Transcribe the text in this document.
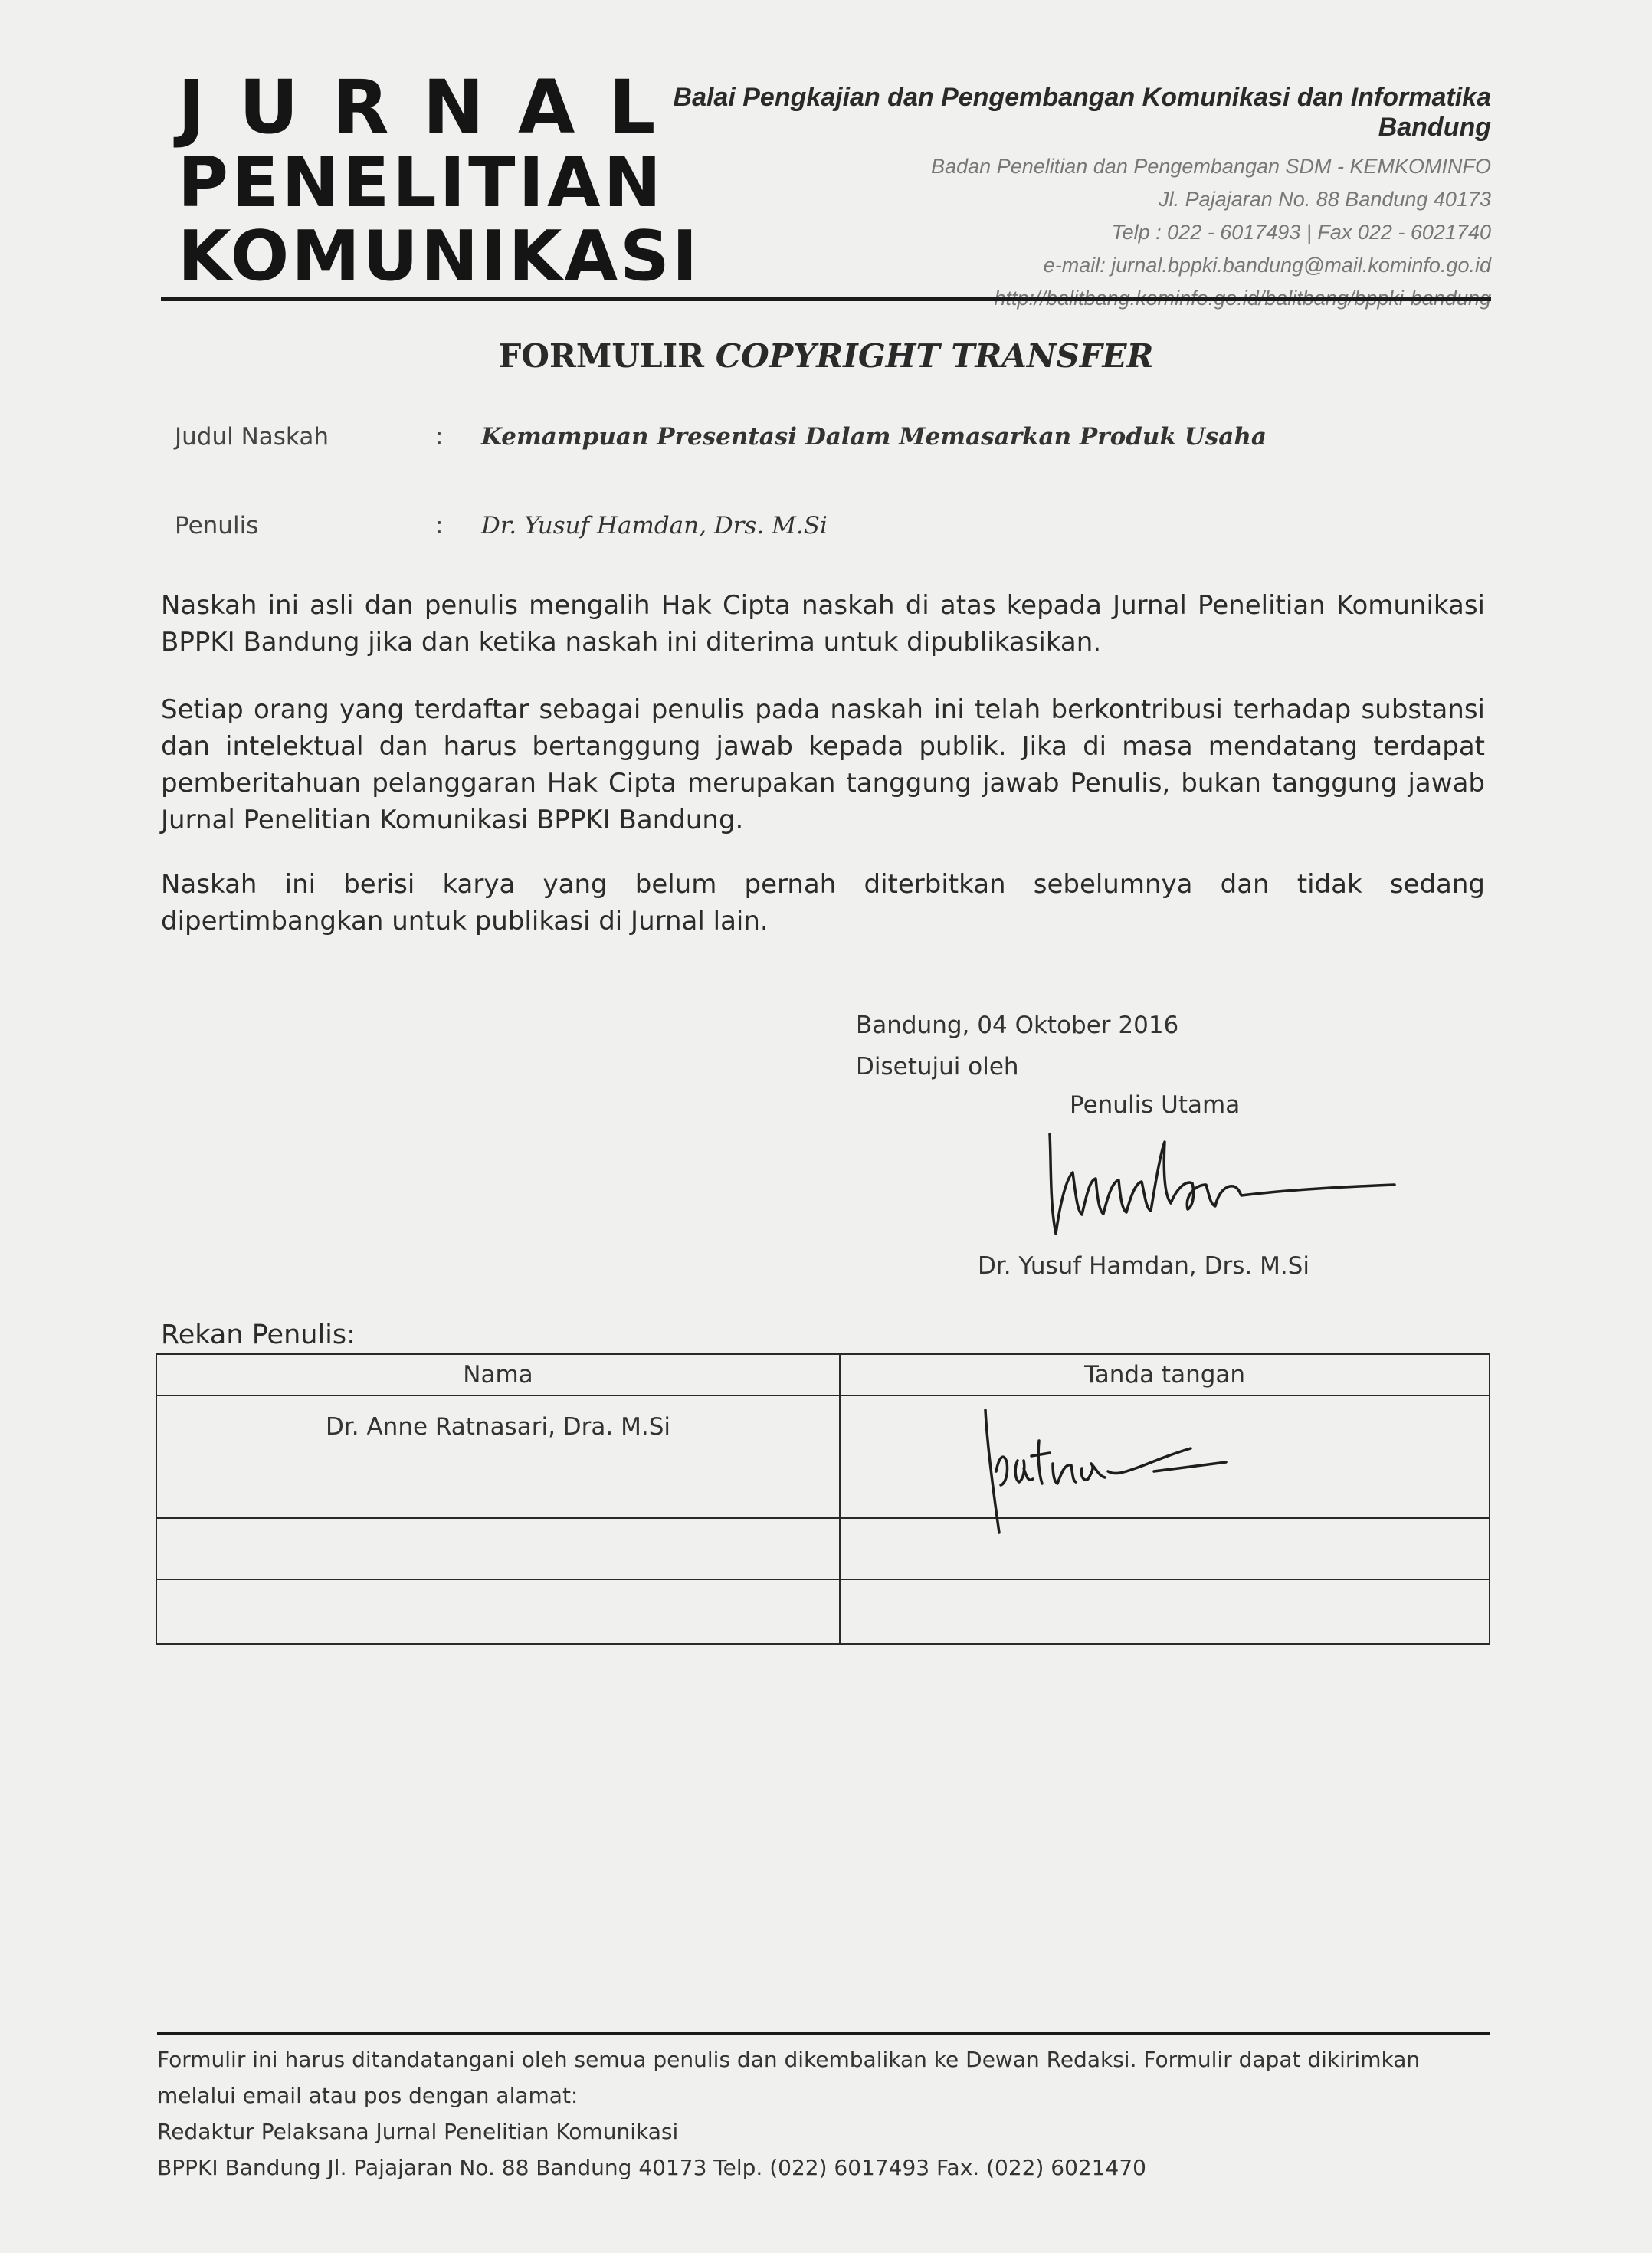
JURNAL
PENELITIAN
KOMUNIKASI
Balai Pengkajian dan Pengembangan Komunikasi dan Informatika Bandung
Badan Penelitian dan Pengembangan SDM - KEMKOMINFO
Jl. Pajajaran No. 88 Bandung 40173
Telp : 022 - 6017493 | Fax 022 - 6021740
e-mail: jurnal.bppki.bandung@mail.kominfo.go.id
http://balitbang.kominfo.go.id/balitbang/bppki-bandung
FORMULIR COPYRIGHT TRANSFER
Judul Naskah	: Kemampuan Presentasi Dalam Memasarkan Produk Usaha
Penulis	: Dr. Yusuf Hamdan, Drs. M.Si
Naskah ini asli dan penulis mengalih Hak Cipta naskah di atas kepada Jurnal Penelitian Komunikasi BPPKI Bandung jika dan ketika naskah ini diterima untuk dipublikasikan.
Setiap orang yang terdaftar sebagai penulis pada naskah ini telah berkontribusi terhadap substansi dan intelektual dan harus bertanggung jawab kepada publik. Jika di masa mendatang terdapat pemberitahuan pelanggaran Hak Cipta merupakan tanggung jawab Penulis, bukan tanggung jawab Jurnal Penelitian Komunikasi BPPKI Bandung.
Naskah ini berisi karya yang belum pernah diterbitkan sebelumnya dan tidak sedang dipertimbangkan untuk publikasi di Jurnal lain.
Bandung, 04 Oktober 2016
Disetujui oleh
Penulis Utama
Dr. Yusuf Hamdan, Drs. M.Si
Rekan Penulis:
Nama	Tanda tangan
Dr. Anne Ratnasari, Dra. M.Si	

Formulir ini harus ditandatangani oleh semua penulis dan dikembalikan ke Dewan Redaksi. Formulir dapat dikirimkan melalui email atau pos dengan alamat:
Redaktur Pelaksana Jurnal Penelitian Komunikasi
BPPKI Bandung Jl. Pajajaran No. 88 Bandung 40173 Telp. (022) 6017493 Fax. (022) 6021470
